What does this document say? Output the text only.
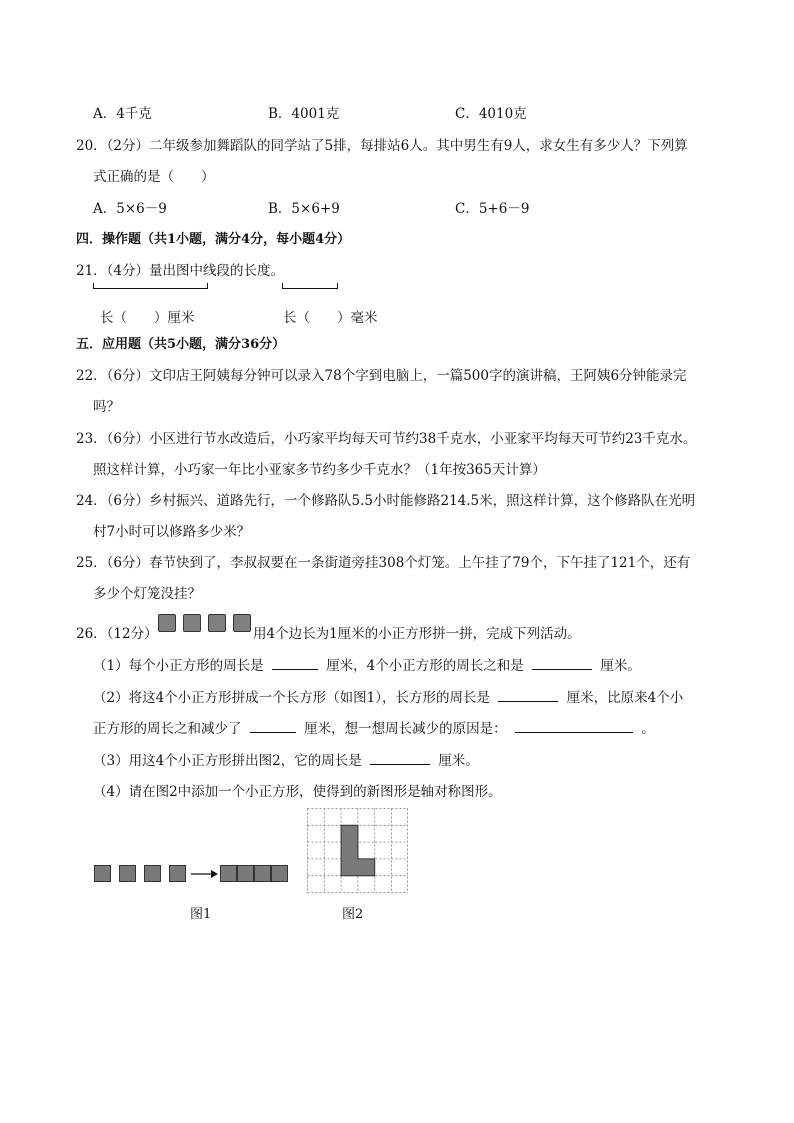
A．4千克	B．4001克	C．4010克
20．（2分）二年级参加舞蹈队的同学站了5排，每排站6人。其中男生有9人，求女生有多少人？下列算
式正确的是（　　）
A．5×6－9	B．5×6+9	C．5+6－9
四．操作题（共1小题，满分4分，每小题4分）
21．（4分）量出图中线段的长度。
长（　　）厘米	长（　　）毫米
五．应用题（共5小题，满分36分）
22．（6分）文印店王阿姨每分钟可以录入78个字到电脑上，一篇500字的演讲稿，王阿姨6分钟能录完
吗？
23．（6分）小区进行节水改造后，小巧家平均每天可节约38千克水，小亚家平均每天可节约23千克水。
照这样计算，小巧家一年比小亚家多节约多少千克水？（1年按365天计算）
24．（6分）乡村振兴、道路先行，一个修路队5.5小时能修路214.5米，照这样计算，这个修路队在光明
村7小时可以修路多少米？
25．（6分）春节快到了，李叔叔要在一条街道旁挂308个灯笼。上午挂了79个，下午挂了121个，还有
多少个灯笼没挂？
26．（12分）	用4个边长为1厘米的小正方形拼一拼，完成下列活动。
（1）每个小正方形的周长是	厘米，4个小正方形的周长之和是	厘米。
（2）将这4个小正方形拼成一个长方形（如图1），长方形的周长是	厘米，比原来4个小
正方形的周长之和减少了	厘米，想一想周长减少的原因是：	。
（3）用这4个小正方形拼出图2，它的周长是	厘米。
（4）请在图2中添加一个小正方形，使得到的新图形是轴对称图形。
图1	图2
